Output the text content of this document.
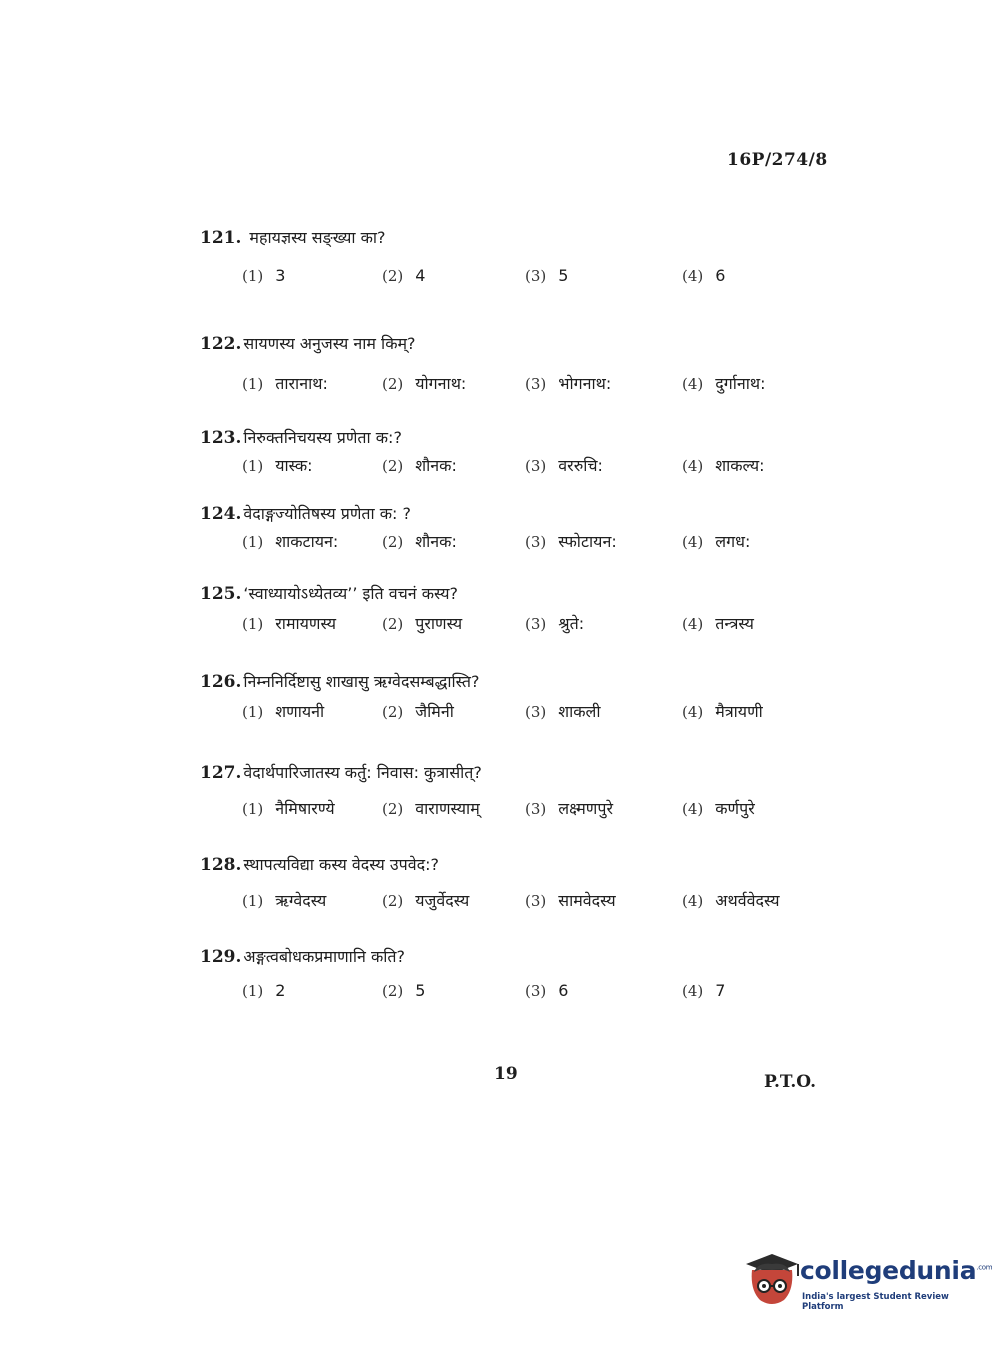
16P/274/8
121. महायज्ञस्य सङ्ख्या का?
(1) 3	(2) 4	(3) 5	(4) 6
122. सायणस्य अनुजस्य नाम किम्?
(1) तारानाथ:	(2) योगनाथ:	(3) भोगनाथ:	(4) दुर्गानाथ:
123. निरुक्तनिचयस्य प्रणेता क:?
(1) यास्क:	(2) शौनक:	(3) वररुचि:	(4) शाकल्य:
124. वेदाङ्गज्योतिषस्य प्रणेता क: ?
(1) शाकटायन:	(2) शौनक:	(3) स्फोटायन:	(4) लगध:
125. ‘स्वाध्यायोऽध्येतव्य’’ इति वचनं कस्य?
(1) रामायणस्य	(2) पुराणस्य	(3) श्रुते:	(4) तन्त्रस्य
126. निम्ननिर्दिष्टासु शाखासु ऋग्वेदसम्बद्धास्ति?
(1) शणायनी	(2) जैमिनी	(3) शाकली	(4) मैत्रायणी
127. वेदार्थपारिजातस्य कर्तु: निवास: कुत्रासीत्?
(1) नैमिषारण्ये	(2) वाराणस्याम्	(3) लक्ष्मणपुरे	(4) कर्णपुरे
128. स्थापत्यविद्या कस्य वेदस्य उपवेद:?
(1) ऋग्वेदस्य	(2) यजुर्वेदस्य	(3) सामवेदस्य	(4) अथर्ववेदस्य
129. अङ्गत्वबोधकप्रमाणानि कति?
(1) 2	(2) 5	(3) 6	(4) 7
19	P.T.O.
collegedunia$^{.com}$
India's largest Student Review Platform
